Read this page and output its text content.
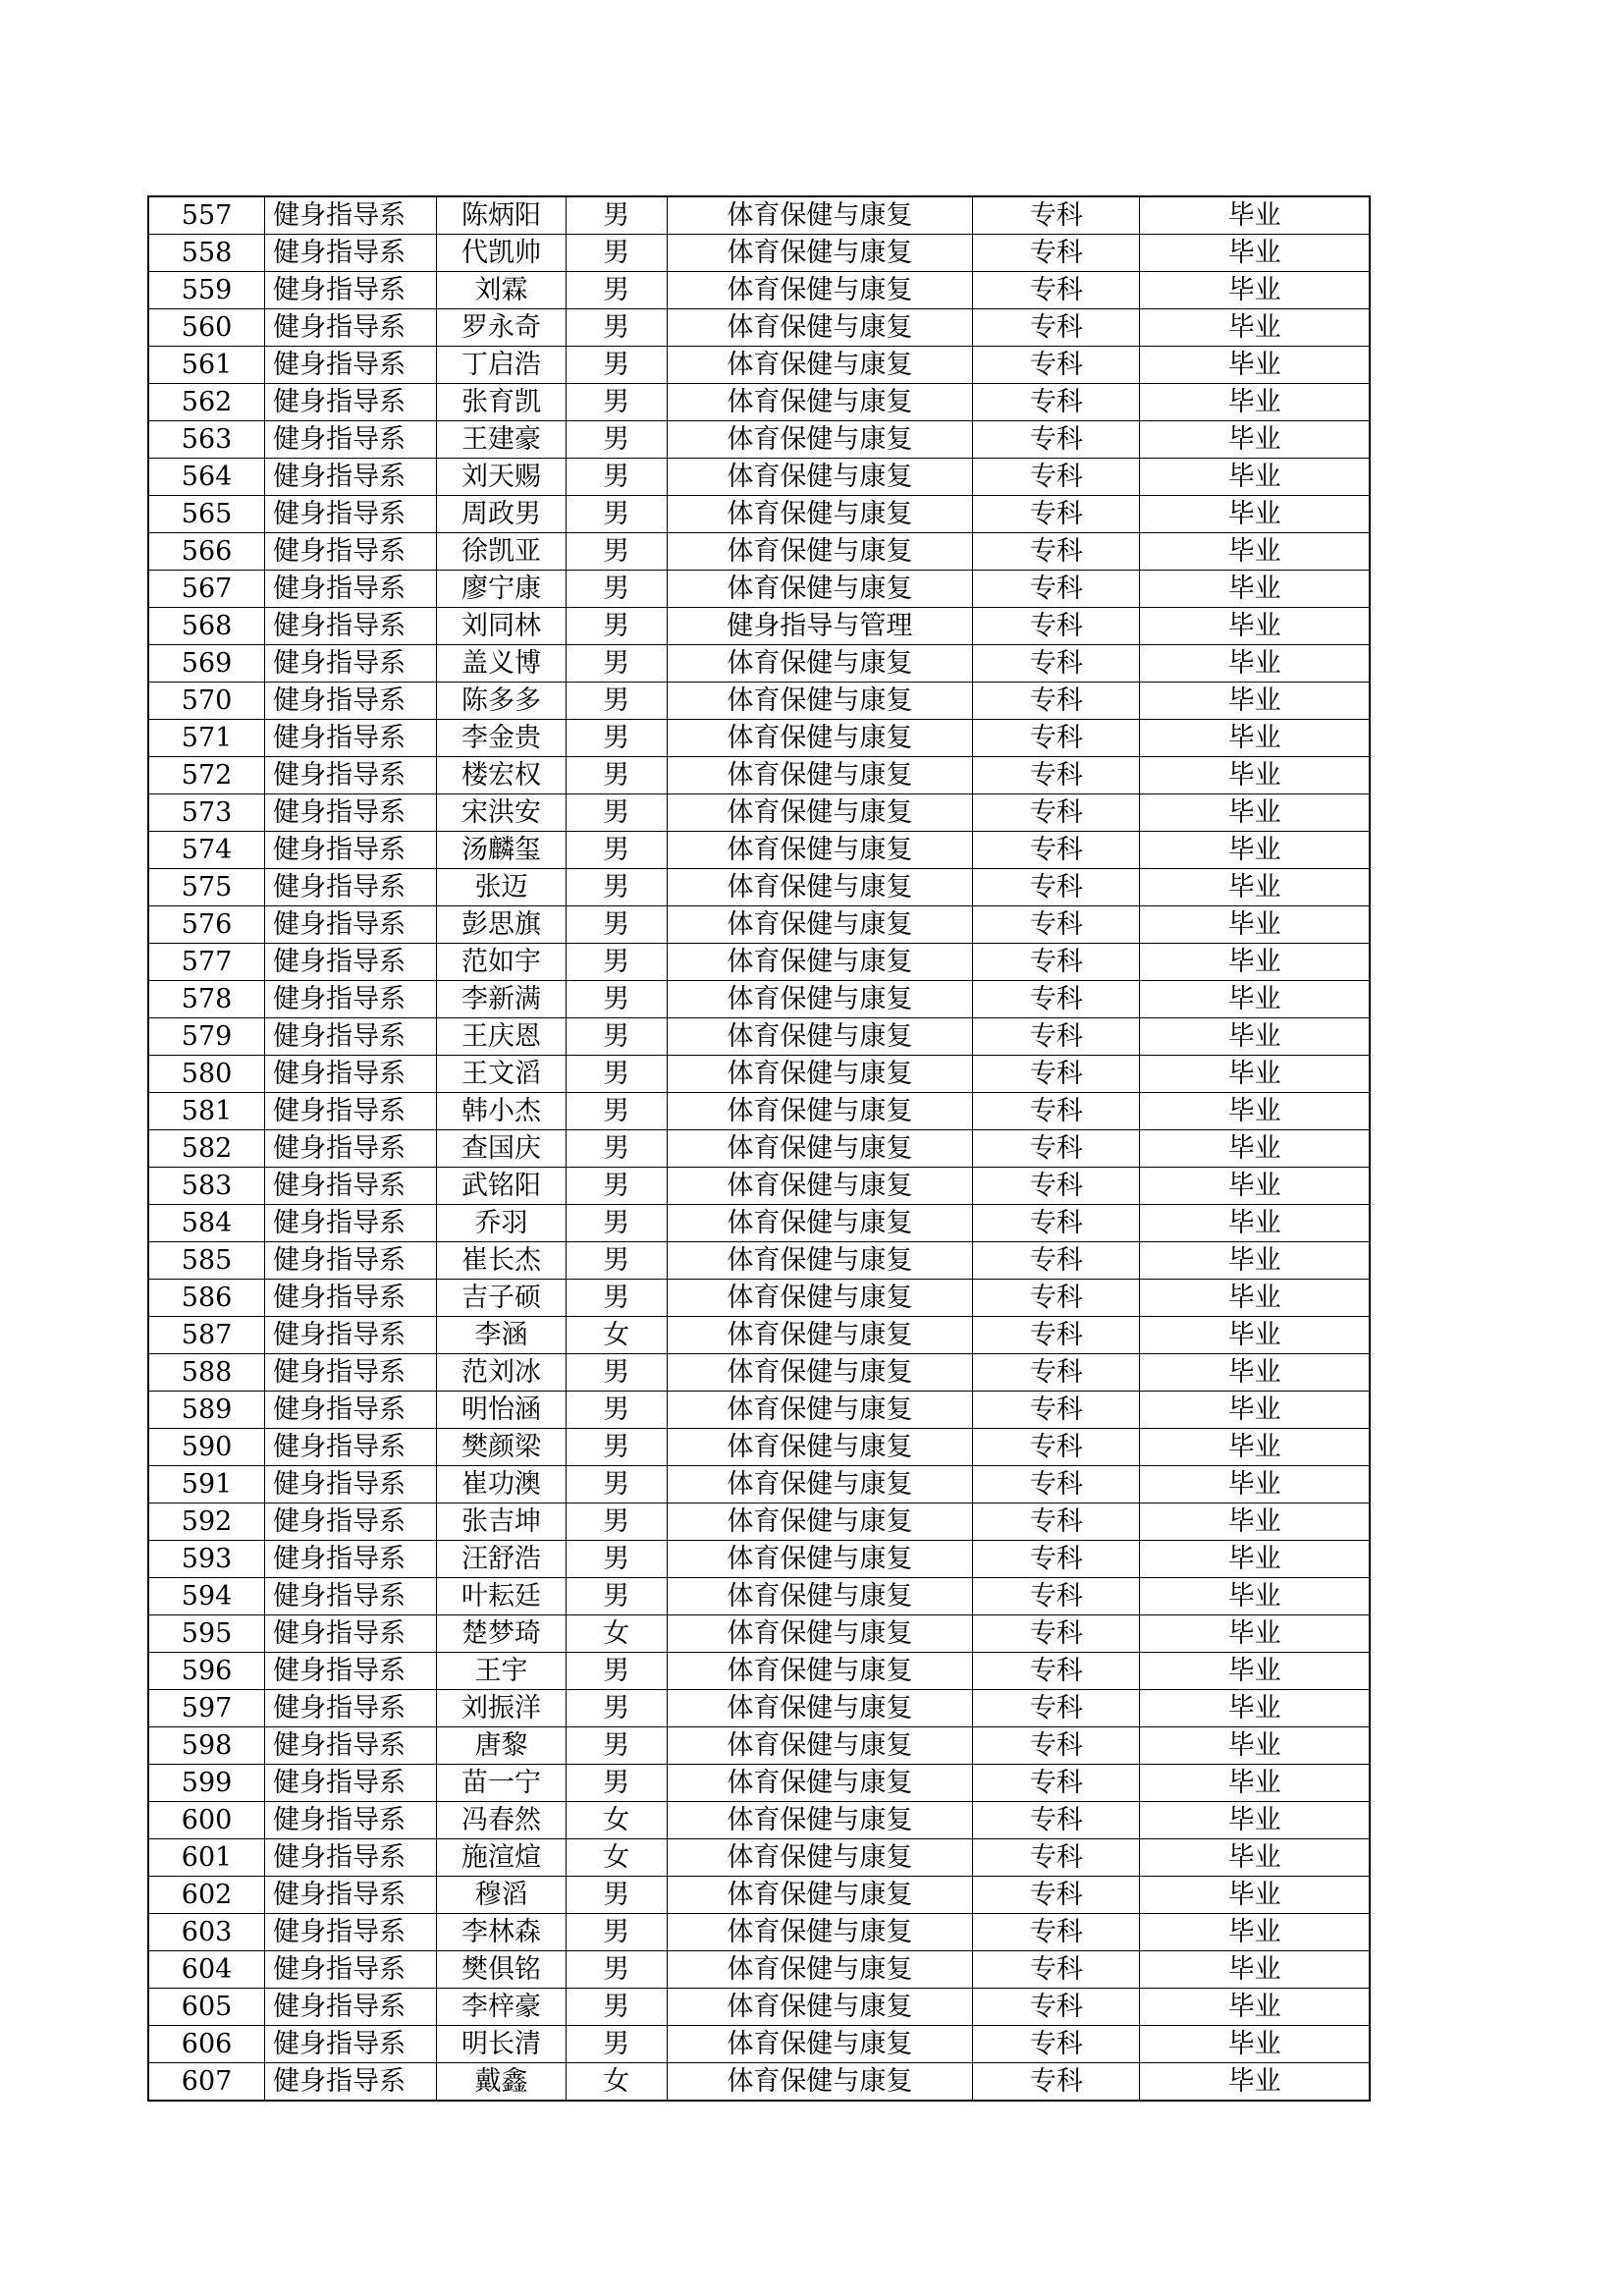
557	健身指导系	陈炳阳	男	体育保健与康复	专科	毕业
558	健身指导系	代凯帅	男	体育保健与康复	专科	毕业
559	健身指导系	刘霖	男	体育保健与康复	专科	毕业
560	健身指导系	罗永奇	男	体育保健与康复	专科	毕业
561	健身指导系	丁启浩	男	体育保健与康复	专科	毕业
562	健身指导系	张育凯	男	体育保健与康复	专科	毕业
563	健身指导系	王建豪	男	体育保健与康复	专科	毕业
564	健身指导系	刘天赐	男	体育保健与康复	专科	毕业
565	健身指导系	周政男	男	体育保健与康复	专科	毕业
566	健身指导系	徐凯亚	男	体育保健与康复	专科	毕业
567	健身指导系	廖宁康	男	体育保健与康复	专科	毕业
568	健身指导系	刘同林	男	健身指导与管理	专科	毕业
569	健身指导系	盖义博	男	体育保健与康复	专科	毕业
570	健身指导系	陈多多	男	体育保健与康复	专科	毕业
571	健身指导系	李金贵	男	体育保健与康复	专科	毕业
572	健身指导系	楼宏权	男	体育保健与康复	专科	毕业
573	健身指导系	宋洪安	男	体育保健与康复	专科	毕业
574	健身指导系	汤麟玺	男	体育保健与康复	专科	毕业
575	健身指导系	张迈	男	体育保健与康复	专科	毕业
576	健身指导系	彭思旗	男	体育保健与康复	专科	毕业
577	健身指导系	范如宇	男	体育保健与康复	专科	毕业
578	健身指导系	李新满	男	体育保健与康复	专科	毕业
579	健身指导系	王庆恩	男	体育保健与康复	专科	毕业
580	健身指导系	王文滔	男	体育保健与康复	专科	毕业
581	健身指导系	韩小杰	男	体育保健与康复	专科	毕业
582	健身指导系	查国庆	男	体育保健与康复	专科	毕业
583	健身指导系	武铭阳	男	体育保健与康复	专科	毕业
584	健身指导系	乔羽	男	体育保健与康复	专科	毕业
585	健身指导系	崔长杰	男	体育保健与康复	专科	毕业
586	健身指导系	吉子硕	男	体育保健与康复	专科	毕业
587	健身指导系	李涵	女	体育保健与康复	专科	毕业
588	健身指导系	范刘冰	男	体育保健与康复	专科	毕业
589	健身指导系	明怡涵	男	体育保健与康复	专科	毕业
590	健身指导系	樊颜梁	男	体育保健与康复	专科	毕业
591	健身指导系	崔功澳	男	体育保健与康复	专科	毕业
592	健身指导系	张吉坤	男	体育保健与康复	专科	毕业
593	健身指导系	汪舒浩	男	体育保健与康复	专科	毕业
594	健身指导系	叶耘廷	男	体育保健与康复	专科	毕业
595	健身指导系	楚梦琦	女	体育保健与康复	专科	毕业
596	健身指导系	王宇	男	体育保健与康复	专科	毕业
597	健身指导系	刘振洋	男	体育保健与康复	专科	毕业
598	健身指导系	唐黎	男	体育保健与康复	专科	毕业
599	健身指导系	苗一宁	男	体育保健与康复	专科	毕业
600	健身指导系	冯春然	女	体育保健与康复	专科	毕业
601	健身指导系	施渲煊	女	体育保健与康复	专科	毕业
602	健身指导系	穆滔	男	体育保健与康复	专科	毕业
603	健身指导系	李林森	男	体育保健与康复	专科	毕业
604	健身指导系	樊俱铭	男	体育保健与康复	专科	毕业
605	健身指导系	李梓豪	男	体育保健与康复	专科	毕业
606	健身指导系	明长清	男	体育保健与康复	专科	毕业
607	健身指导系	戴鑫	女	体育保健与康复	专科	毕业
